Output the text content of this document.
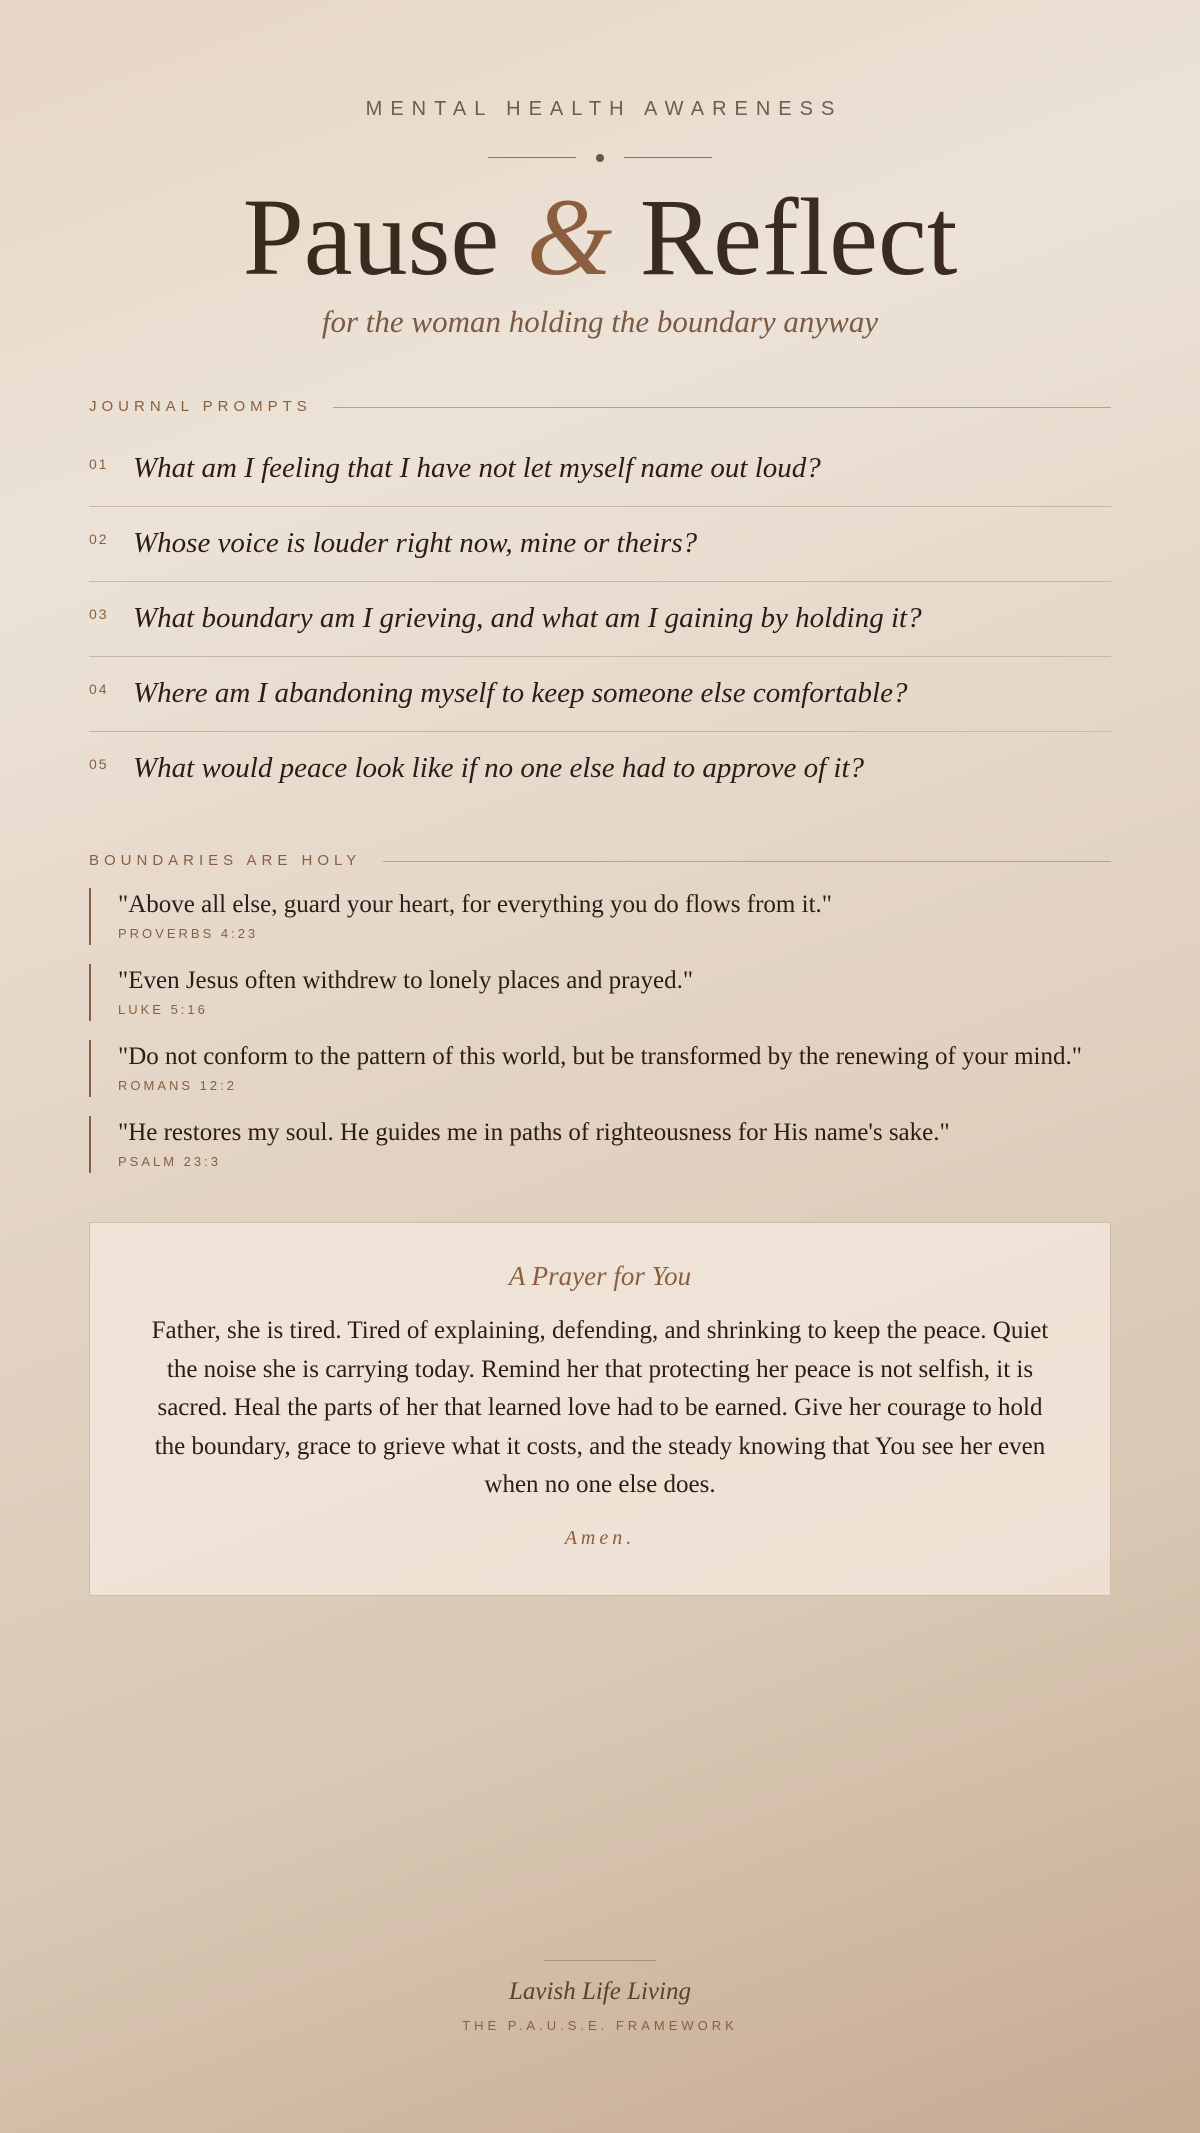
MENTAL HEALTH AWARENESS
Pause & Reflect
for the woman holding the boundary anyway
JOURNAL PROMPTS
01 What am I feeling that I have not let myself name out loud?
02 Whose voice is louder right now, mine or theirs?
03 What boundary am I grieving, and what am I gaining by holding it?
04 Where am I abandoning myself to keep someone else comfortable?
05 What would peace look like if no one else had to approve of it?
BOUNDARIES ARE HOLY
"Above all else, guard your heart, for everything you do flows from it."
PROVERBS 4:23
"Even Jesus often withdrew to lonely places and prayed."
LUKE 5:16
"Do not conform to the pattern of this world, but be transformed by the renewing of your mind."
ROMANS 12:2
"He restores my soul. He guides me in paths of righteousness for His name's sake."
PSALM 23:3
A Prayer for You
Father, she is tired. Tired of explaining, defending, and shrinking to keep the peace. Quiet the noise she is carrying today. Remind her that protecting her peace is not selfish, it is sacred. Heal the parts of her that learned love had to be earned. Give her courage to hold the boundary, grace to grieve what it costs, and the steady knowing that You see her even when no one else does.
Amen.
Lavish Life Living
THE P.A.U.S.E. FRAMEWORK
